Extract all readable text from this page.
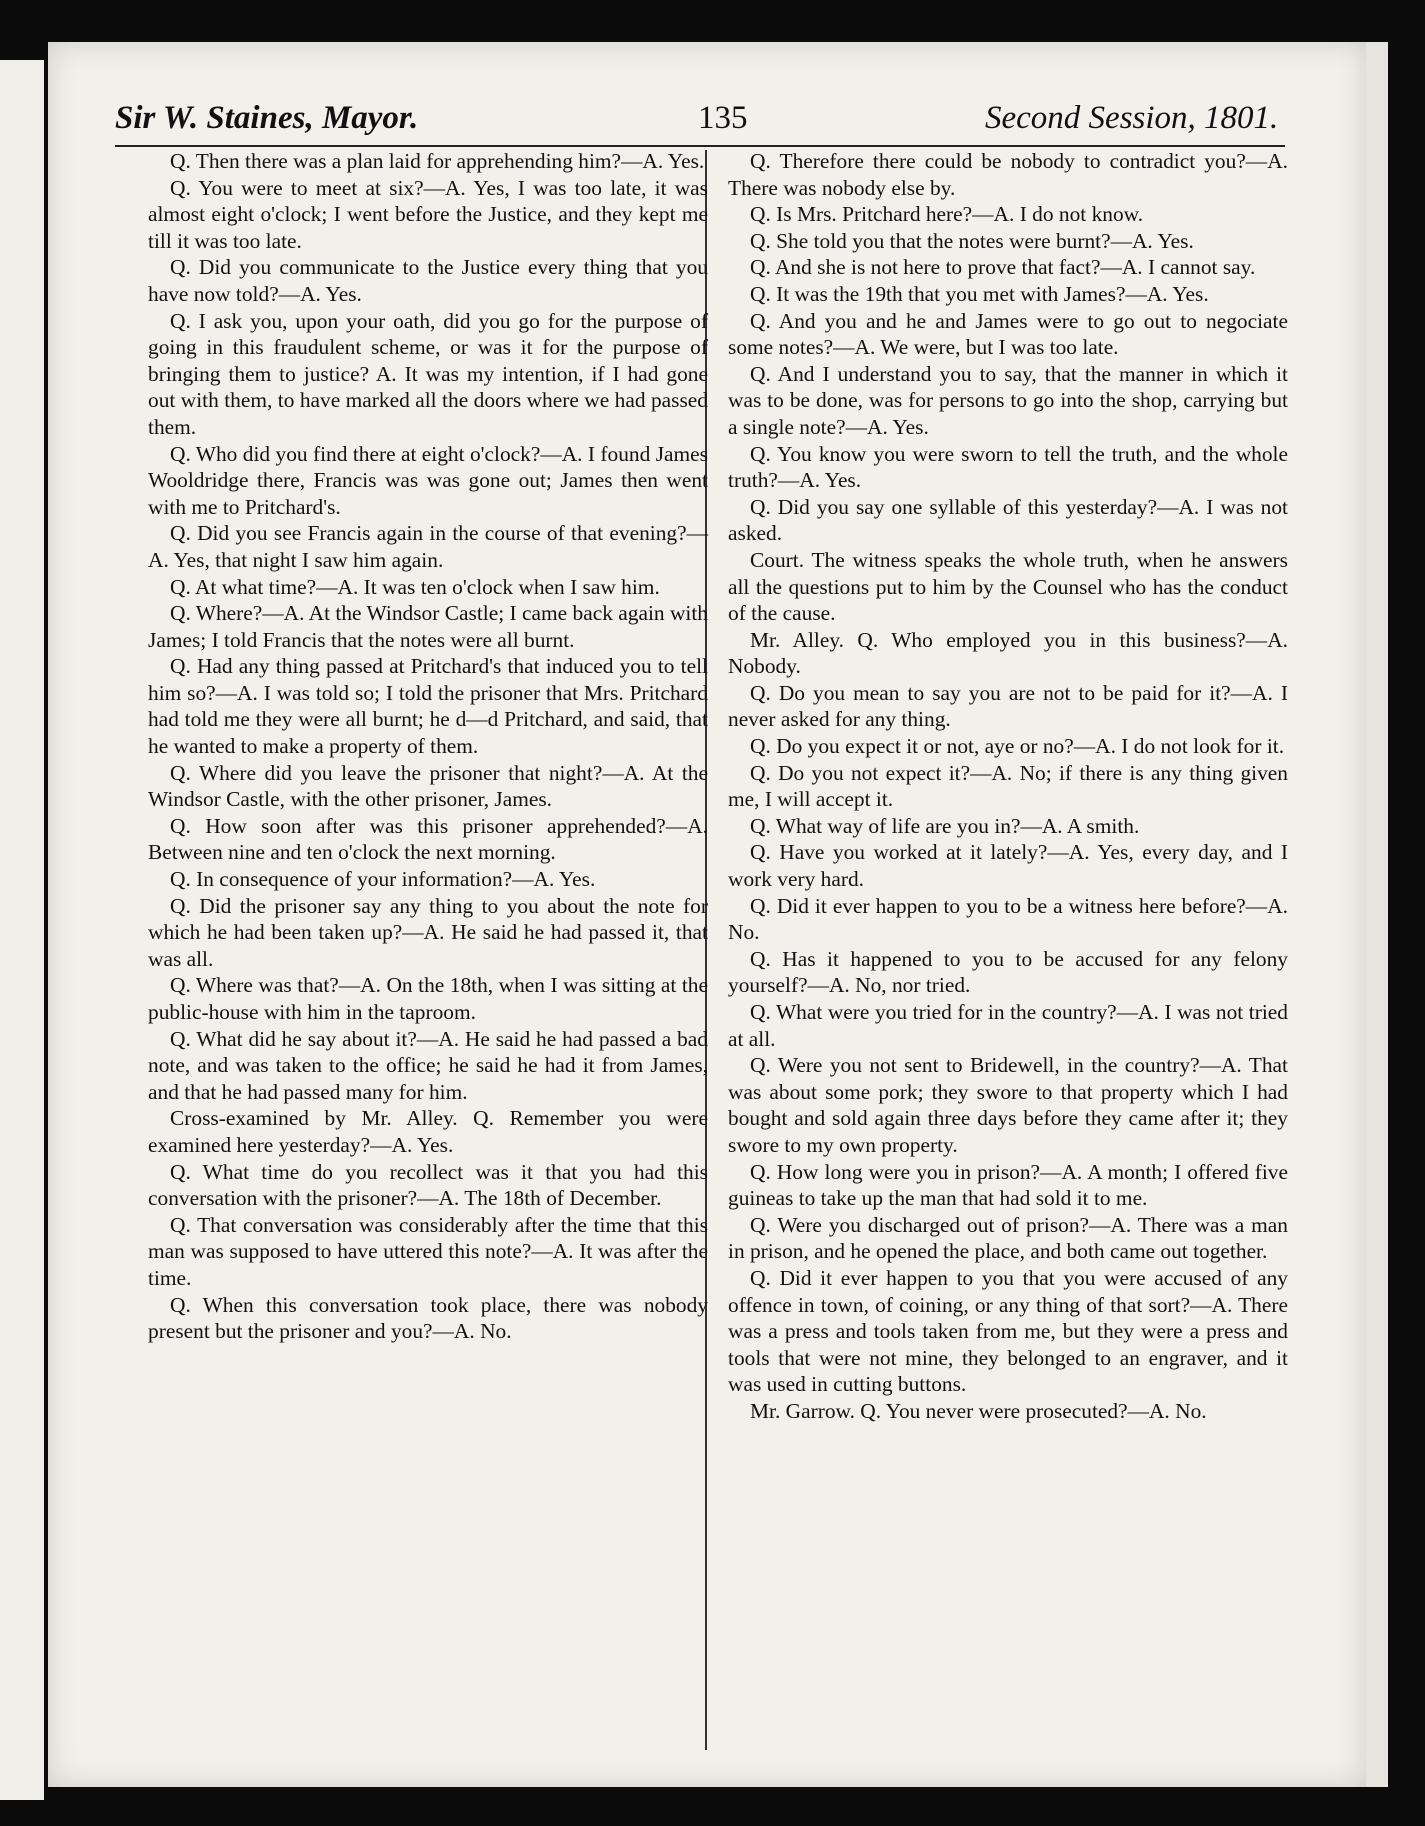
Sir W. Staines, Mayor.	135	Second Session, 1801.

Q. Then there was a plan laid for apprehending him?—A. Yes.

Q. You were to meet at six?—A. Yes, I was too late, it was almost eight o'clock; I went before the Justice, and they kept me till it was too late.

Q. Did you communicate to the Justice every thing that you have now told?—A. Yes.

Q. I ask you, upon your oath, did you go for the purpose of going in this fraudulent scheme, or was it for the purpose of bringing them to justice? A. It was my intention, if I had gone out with them, to have marked all the doors where we had passed them.

Q. Who did you find there at eight o'clock?—A. I found James Wooldridge there, Francis was was gone out; James then went with me to Pritchard's.

Q. Did you see Francis again in the course of that evening?—A. Yes, that night I saw him again.

Q. At what time?—A. It was ten o'clock when I saw him.

Q. Where?—A. At the Windsor Castle; I came back again with James; I told Francis that the notes were all burnt.

Q. Had any thing passed at Pritchard's that induced you to tell him so?—A. I was told so; I told the prisoner that Mrs. Pritchard had told me they were all burnt; he d—d Pritchard, and said, that he wanted to make a property of them.

Q. Where did you leave the prisoner that night?—A. At the Windsor Castle, with the other prisoner, James.

Q. How soon after was this prisoner apprehended?—A. Between nine and ten o'clock the next morning.

Q. In consequence of your information?—A. Yes.

Q. Did the prisoner say any thing to you about the note for which he had been taken up?—A. He said he had passed it, that was all.

Q. Where was that?—A. On the 18th, when I was sitting at the public-house with him in the taproom.

Q. What did he say about it?—A. He said he had passed a bad note, and was taken to the office; he said he had it from James, and that he had passed many for him.

Cross-examined by Mr. Alley. Q. Remember you were examined here yesterday?—A. Yes.

Q. What time do you recollect was it that you had this conversation with the prisoner?—A. The 18th of December.

Q. That conversation was considerably after the time that this man was supposed to have uttered this note?—A. It was after the time.

Q. When this conversation took place, there was nobody present but the prisoner and you?—A. No.

Q. Therefore there could be nobody to contradict you?—A. There was nobody else by.

Q. Is Mrs. Pritchard here?—A. I do not know.

Q. She told you that the notes were burnt?—A. Yes.

Q. And she is not here to prove that fact?—A. I cannot say.

Q. It was the 19th that you met with James?—A. Yes.

Q. And you and he and James were to go out to negociate some notes?—A. We were, but I was too late.

Q. And I understand you to say, that the manner in which it was to be done, was for persons to go into the shop, carrying but a single note?—A. Yes.

Q. You know you were sworn to tell the truth, and the whole truth?—A. Yes.

Q. Did you say one syllable of this yesterday?—A. I was not asked.

Court. The witness speaks the whole truth, when he answers all the questions put to him by the Counsel who has the conduct of the cause.

Mr. Alley. Q. Who employed you in this business?—A. Nobody.

Q. Do you mean to say you are not to be paid for it?—A. I never asked for any thing.

Q. Do you expect it or not, aye or no?—A. I do not look for it.

Q. Do you not expect it?—A. No; if there is any thing given me, I will accept it.

Q. What way of life are you in?—A. A smith.

Q. Have you worked at it lately?—A. Yes, every day, and I work very hard.

Q. Did it ever happen to you to be a witness here before?—A. No.

Q. Has it happened to you to be accused for any felony yourself?—A. No, nor tried.

Q. What were you tried for in the country?—A. I was not tried at all.

Q. Were you not sent to Bridewell, in the country?—A. That was about some pork; they swore to that property which I had bought and sold again three days before they came after it; they swore to my own property.

Q. How long were you in prison?—A. A month; I offered five guineas to take up the man that had sold it to me.

Q. Were you discharged out of prison?—A. There was a man in prison, and he opened the place, and both came out together.

Q. Did it ever happen to you that you were accused of any offence in town, of coining, or any thing of that sort?—A. There was a press and tools taken from me, but they were a press and tools that were not mine, they belonged to an engraver, and it was used in cutting buttons.

Mr. Garrow. Q. You never were prosecuted?—A. No.
